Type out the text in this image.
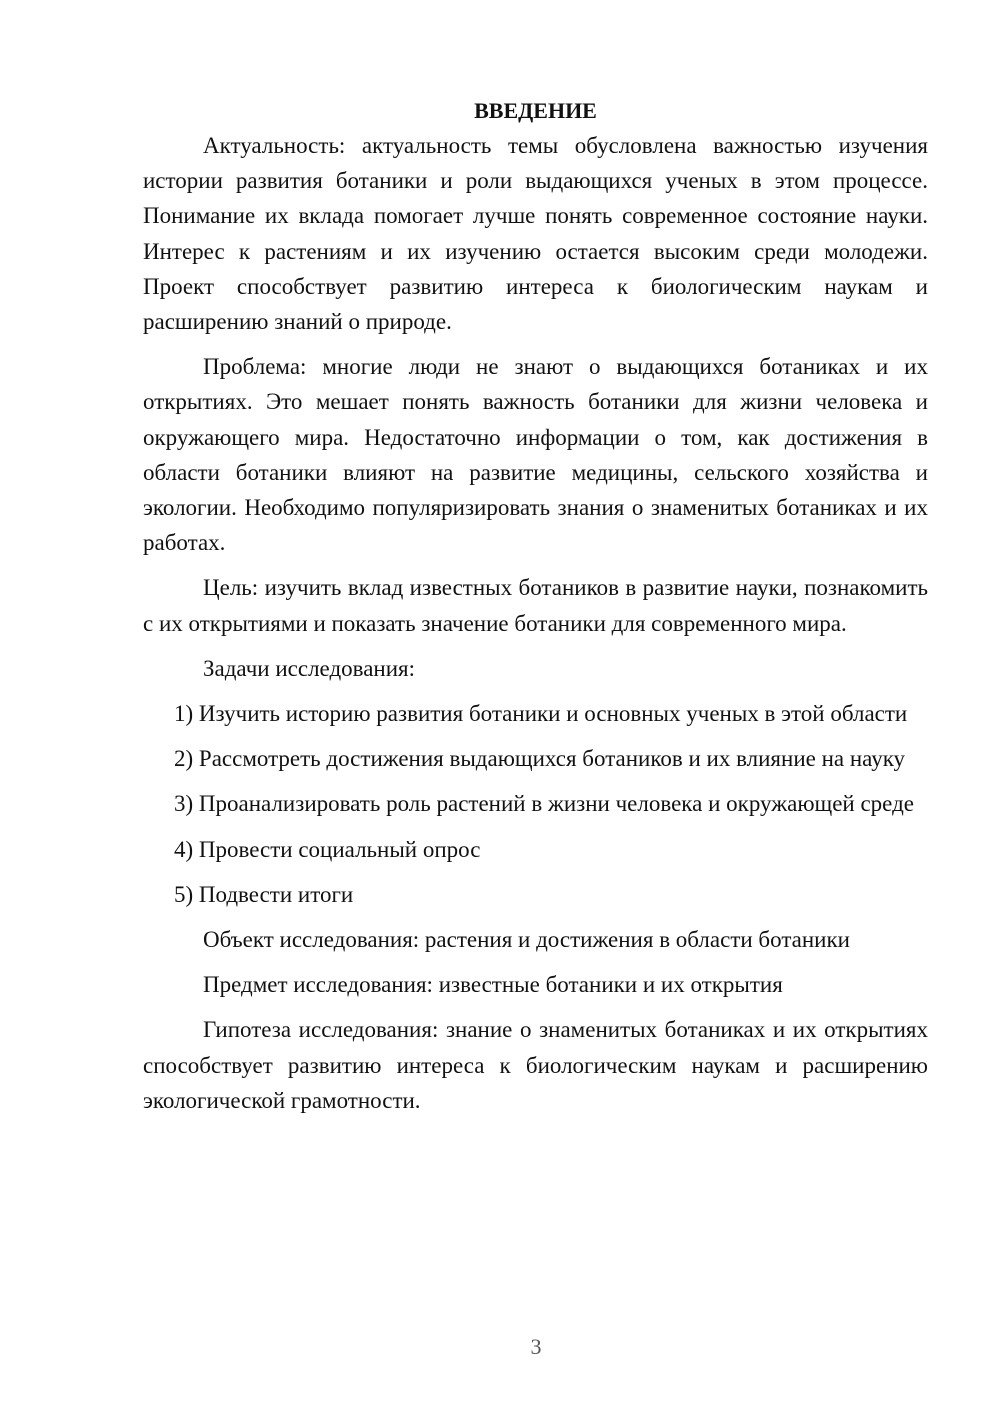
ВВЕДЕНИЕ

Актуальность: актуальность темы обусловлена важностью изучения истории развития ботаники и роли выдающихся ученых в этом процессе. Понимание их вклада помогает лучше понять современное состояние науки. Интерес к растениям и их изучению остается высоким среди молодежи. Проект способствует развитию интереса к биологическим наукам и расширению знаний о природе.

Проблема: многие люди не знают о выдающихся ботаниках и их открытиях. Это мешает понять важность ботаники для жизни человека и окружающего мира. Недостаточно информации о том, как достижения в области ботаники влияют на развитие медицины, сельского хозяйства и экологии. Необходимо популяризировать знания о знаменитых ботаниках и их работах.

Цель: изучить вклад известных ботаников в развитие науки, познакомить с их открытиями и показать значение ботаники для современного мира.

Задачи исследования:

1) Изучить историю развития ботаники и основных ученых в этой области

2) Рассмотреть достижения выдающихся ботаников и их влияние на науку

3) Проанализировать роль растений в жизни человека и окружающей среде

4) Провести социальный опрос

5) Подвести итоги

Объект исследования: растения и достижения в области ботаники

Предмет исследования: известные ботаники и их открытия

Гипотеза исследования: знание о знаменитых ботаниках и их открытиях способствует развитию интереса к биологическим наукам и расширению экологической грамотности.

3
